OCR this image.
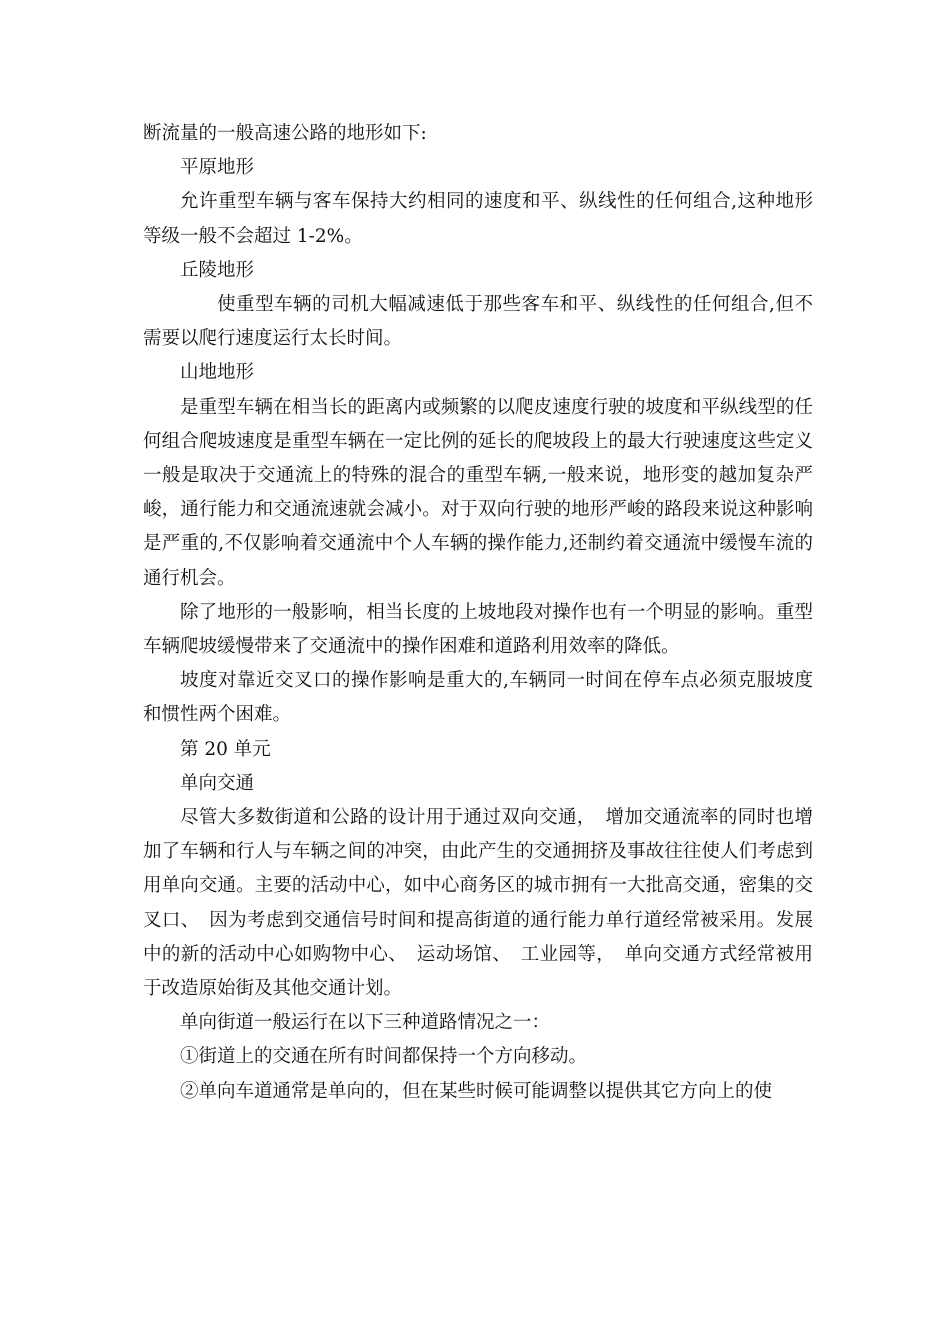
断流量的一般高速公路的地形如下:

平原地形

允许重型车辆与客车保持大约相同的速度和平、纵线性的任何组合,这种地形等级一般不会超过 1-2%。

丘陵地形

使重型车辆的司机大幅减速低于那些客车和平、纵线性的任何组合,但不需要以爬行速度运行太长时间。

山地地形

是重型车辆在相当长的距离内或频繁的以爬皮速度行驶的坡度和平纵线型的任何组合爬坡速度是重型车辆在一定比例的延长的爬坡段上的最大行驶速度这些定义一般是取决于交通流上的特殊的混合的重型车辆,一般来说，地形变的越加复杂严峻，通行能力和交通流速就会减小。对于双向行驶的地形严峻的路段来说这种影响是严重的,不仅影响着交通流中个人车辆的操作能力,还制约着交通流中缓慢车流的通行机会。

除了地形的一般影响，相当长度的上坡地段对操作也有一个明显的影响。重型车辆爬坡缓慢带来了交通流中的操作困难和道路利用效率的降低。

坡度对靠近交叉口的操作影响是重大的,车辆同一时间在停车点必须克服坡度和惯性两个困难。

第 20 单元

单向交通

尽管大多数街道和公路的设计用于通过双向交通，　增加交通流率的同时也增加了车辆和行人与车辆之间的冲突，由此产生的交通拥挤及事故往往使人们考虑到用单向交通。主要的活动中心，如中心商务区的城市拥有一大批高交通，密集的交叉口、　因为考虑到交通信号时间和提高街道的通行能力单行道经常被采用。发展中的新的活动中心如购物中心、　运动场馆、　工业园等，　单向交通方式经常被用于改造原始街及其他交通计划。

单向街道一般运行在以下三种道路情况之一：

①街道上的交通在所有时间都保持一个方向移动。

②单向车道通常是单向的，但在某些时候可能调整以提供其它方向上的使
